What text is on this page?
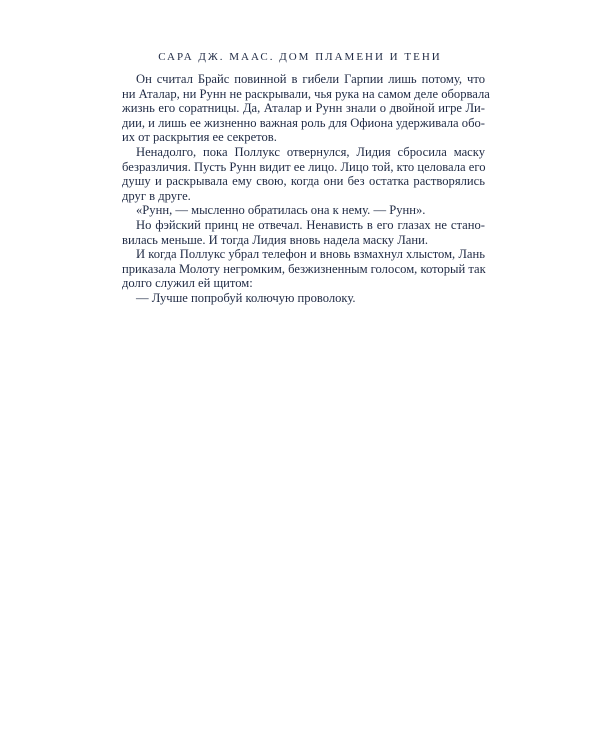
САРА ДЖ. МААС. ДОМ ПЛАМЕНИ И ТЕНИ
Он считал Брайс повинной в гибели Гарпии лишь потому, что
ни Аталар, ни Рунн не раскрывали, чья рука на самом деле оборвала
жизнь его соратницы. Да, Аталар и Рунн знали о двойной игре Ли-
дии, и лишь ее жизненно важная роль для Офиона удерживала обо-
их от раскрытия ее секретов.
Ненадолго, пока Поллукс отвернулся, Лидия сбросила маску
безразличия. Пусть Рунн видит ее лицо. Лицо той, кто целовала его
душу и раскрывала ему свою, когда они без остатка растворялись
друг в друге.
«Рунн, — мысленно обратилась она к нему. — Рунн».
Но фэйский принц не отвечал. Ненависть в его глазах не стано-
вилась меньше. И тогда Лидия вновь надела маску Лани.
И когда Поллукс убрал телефон и вновь взмахнул хлыстом, Лань
приказала Молоту негромким, безжизненным голосом, который так
долго служил ей щитом:
— Лучше попробуй колючую проволоку.
